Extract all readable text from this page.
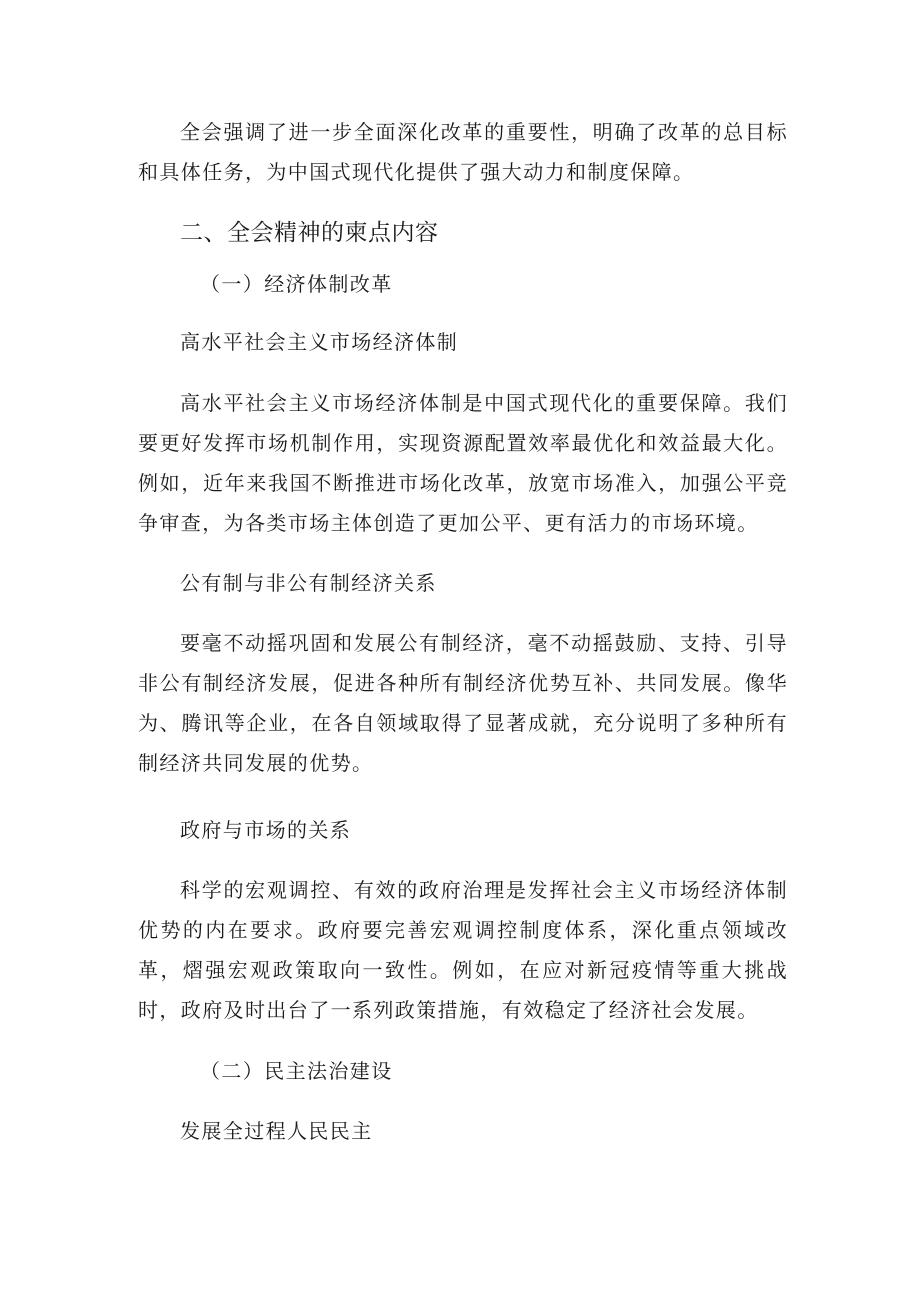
全会强调了进一步全面深化改革的重要性，明确了改革的总目标和具体任务，为中国式现代化提供了强大动力和制度保障。

二、全会精神的柬点内容

（一）经济体制改革

高水平社会主义市场经济体制

高水平社会主义市场经济体制是中国式现代化的重要保障。我们要更好发挥市场机制作用，实现资源配置效率最优化和效益最大化。例如，近年来我国不断推进市场化改革，放宽市场准入，加强公平竞争审查，为各类市场主体创造了更加公平、更有活力的市场环境。

公有制与非公有制经济关系

要毫不动摇巩固和发展公有制经济，毫不动摇鼓励、支持、引导非公有制经济发展，促进各种所有制经济优势互补、共同发展。像华为、腾讯等企业，在各自领域取得了显著成就，充分说明了多种所有制经济共同发展的优势。

政府与市场的关系

科学的宏观调控、有效的政府治理是发挥社会主义市场经济体制优势的内在要求。政府要完善宏观调控制度体系，深化重点领域改革，熠强宏观政策取向一致性。例如，在应对新冠疫情等重大挑战时，政府及时出台了一系列政策措施，有效稳定了经济社会发展。

（二）民主法治建设

发展全过程人民民主
